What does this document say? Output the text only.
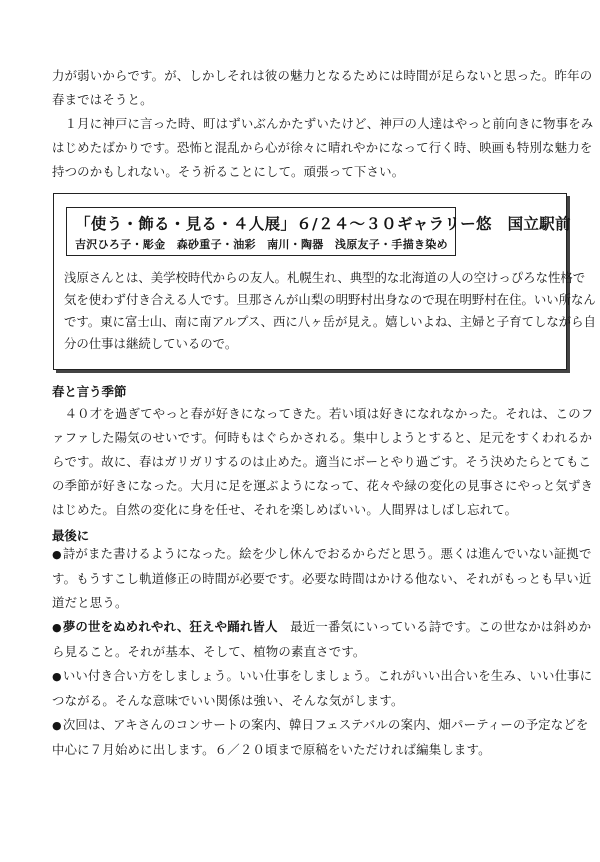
力が弱いからです。が、しかしそれは彼の魅力となるためには時間が足らないと思った。昨年の
春まではそうと。
　１月に神戸に言った時、町はずいぶんかたずいたけど、神戸の人達はやっと前向きに物事をみ
はじめたばかりです。恐怖と混乱から心が徐々に晴れやかになって行く時、映画も特別な魅力を
持つのかもしれない。そう祈ることにして。頑張って下さい。
「使う・飾る・見る・４人展」６/２４～３０ギャラリー悠　国立駅前
吉沢ひろ子・彫金　森砂重子・油彩　南川・陶器　浅原友子・手描き染め
浅原さんとは、美学校時代からの友人。札幌生れ、典型的な北海道の人の空けっぴろな性格で
気を使わず付き合える人です。旦那さんが山梨の明野村出身なので現在明野村在住。いい所なん
です。東に富士山、南に南アルプス、西に八ヶ岳が見え。嬉しいよね、主婦と子育てしながら自
分の仕事は継続しているので。
春と言う季節
　４０才を過ぎてやっと春が好きになってきた。若い頃は好きになれなかった。それは、このフ
ァファした陽気のせいです。何時もはぐらかされる。集中しようとすると、足元をすくわれるか
らです。故に、春はガリガリするのは止めた。適当にボーとやり過ごす。そう決めたらとてもこ
の季節が好きになった。大月に足を運ぶようになって、花々や緑の変化の見事さにやっと気ずき
はじめた。自然の変化に身を任せ、それを楽しめばいい。人間界はしばし忘れて。
最後に
●詩がまた書けるようになった。絵を少し休んでおるからだと思う。悪くは進んでいない証拠で
す。もうすこし軌道修正の時間が必要です。必要な時間はかける他ない、それがもっとも早い近
道だと思う。
●夢の世をぬめれやれ、狂えや踊れ皆人　最近一番気にいっている詩です。この世なかは斜めか
ら見ること。それが基本、そして、植物の素直さです。
●いい付き合い方をしましょう。いい仕事をしましょう。これがいい出合いを生み、いい仕事に
つながる。そんな意味でいい関係は強い、そんな気がします。
●次回は、アキさんのコンサートの案内、韓日フェステバルの案内、畑パーティーの予定などを
中心に７月始めに出します。６／２０頃まで原稿をいただければ編集します。
